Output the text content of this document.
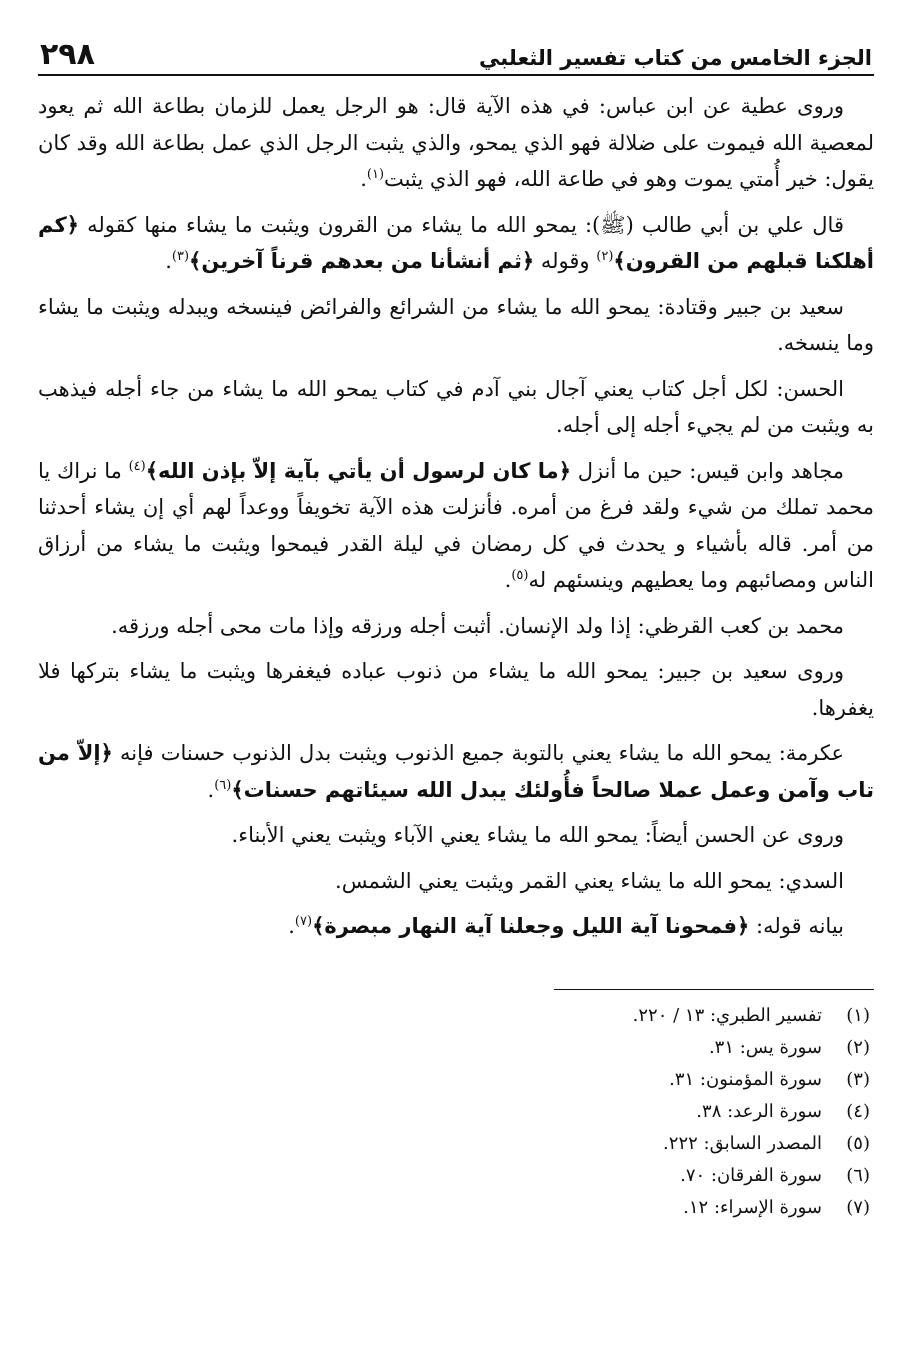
الجزء الخامس من كتاب تفسير الثعلبي
٢٩٨

وروى عطية عن ابن عباس: في هذه الآية قال: هو الرجل يعمل للزمان بطاعة الله ثم يعود لمعصية الله فيموت على ضلالة فهو الذي يمحو، والذي يثبت الرجل الذي عمل بطاعة الله وقد كان يقول: خير أُمتي يموت وهو في طاعة الله، فهو الذي يثبت$^{(١)}$.

قال علي بن أبي طالب (ﷺ): يمحو الله ما يشاء من القرون ويثبت ما يشاء منها كقوله ﴿كم أهلكنا قبلهم من القرون﴾$^{(٢)}$ وقوله ﴿ثم أنشأنا من بعدهم قرناً آخرين﴾$^{(٣)}$.

سعيد بن جبير وقتادة: يمحو الله ما يشاء من الشرائع والفرائض فينسخه ويبدله ويثبت ما يشاء وما ينسخه.

الحسن: لكل أجل كتاب يعني آجال بني آدم في كتاب يمحو الله ما يشاء من جاء أجله فيذهب به ويثبت من لم يجيء أجله إلى أجله.

مجاهد وابن قيس: حين ما أنزل ﴿ما كان لرسول أن يأتي بآية إلاّ بإذن الله﴾$^{(٤)}$ ما نراك يا محمد تملك من شيء ولقد فرغ من أمره. فأنزلت هذه الآية تخويفاً ووعداً لهم أي إن يشاء أحدثنا من أمر. قاله بأشياء و يحدث في كل رمضان في ليلة القدر فيمحوا ويثبت ما يشاء من أرزاق الناس ومصائبهم وما يعطيهم وينسئهم له$^{(٥)}$.

محمد بن كعب القرظي: إذا ولد الإنسان. أثبت أجله ورزقه وإذا مات محى أجله ورزقه.

وروى سعيد بن جبير: يمحو الله ما يشاء من ذنوب عباده فيغفرها ويثبت ما يشاء بتركها فلا يغفرها.

عكرمة: يمحو الله ما يشاء يعني بالتوبة جميع الذنوب ويثبت بدل الذنوب حسنات فإنه ﴿إلاّ من تاب وآمن وعمل عملا صالحاً فأُولئك يبدل الله سيئاتهم حسنات﴾$^{(٦)}$.

وروى عن الحسن أيضاً: يمحو الله ما يشاء يعني الآباء ويثبت يعني الأبناء.

السدي: يمحو الله ما يشاء يعني القمر ويثبت يعني الشمس.

بيانه قوله: ﴿فمحونا آية الليل وجعلنا آية النهار مبصرة﴾$^{(٧)}$.

(١)
تفسير الطبري: ١٣ / ٢٢٠.
(٢)
سورة يس: ٣١.
(٣)
سورة المؤمنون: ٣١.
(٤)
سورة الرعد: ٣٨.
(٥)
المصدر السابق: ٢٢٢.
(٦)
سورة الفرقان: ٧٠.
(٧)
سورة الإسراء: ١٢.
